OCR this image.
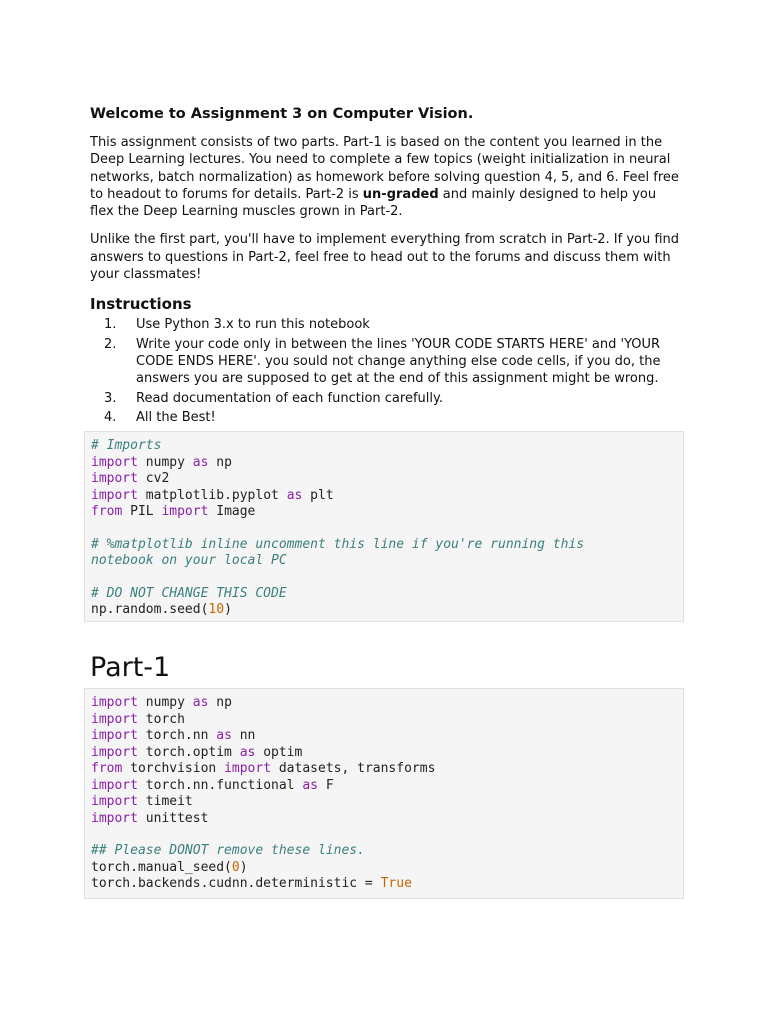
Welcome to Assignment 3 on Computer Vision.

This assignment consists of two parts. Part-1 is based on the content you learned in the Deep Learning lectures. You need to complete a few topics (weight initialization in neural networks, batch normalization) as homework before solving question 4, 5, and 6. Feel free to headout to forums for details. Part-2 is un-graded and mainly designed to help you flex the Deep Learning muscles grown in Part-2.

Unlike the first part, you'll have to implement everything from scratch in Part-2. If you find answers to questions in Part-2, feel free to head out to the forums and discuss them with your classmates!

Instructions

1.	Use Python 3.x to run this notebook
2.	Write your code only in between the lines 'YOUR CODE STARTS HERE' and 'YOUR CODE ENDS HERE'. you sould not change anything else code cells, if you do, the answers you are supposed to get at the end of this assignment might be wrong.
3.	Read documentation of each function carefully.
4.	All the Best!
# Imports
import numpy as np
import cv2
import matplotlib.pyplot as plt
from PIL import Image
# %matplotlib inline uncomment this line if you're running this
notebook on your local PC
# DO NOT CHANGE THIS CODE
np.random.seed(10)
Part-1
import numpy as np
import torch
import torch.nn as nn
import torch.optim as optim
from torchvision import datasets, transforms
import torch.nn.functional as F
import timeit
import unittest
## Please DONOT remove these lines.
torch.manual_seed(0)
torch.backends.cudnn.deterministic = True
